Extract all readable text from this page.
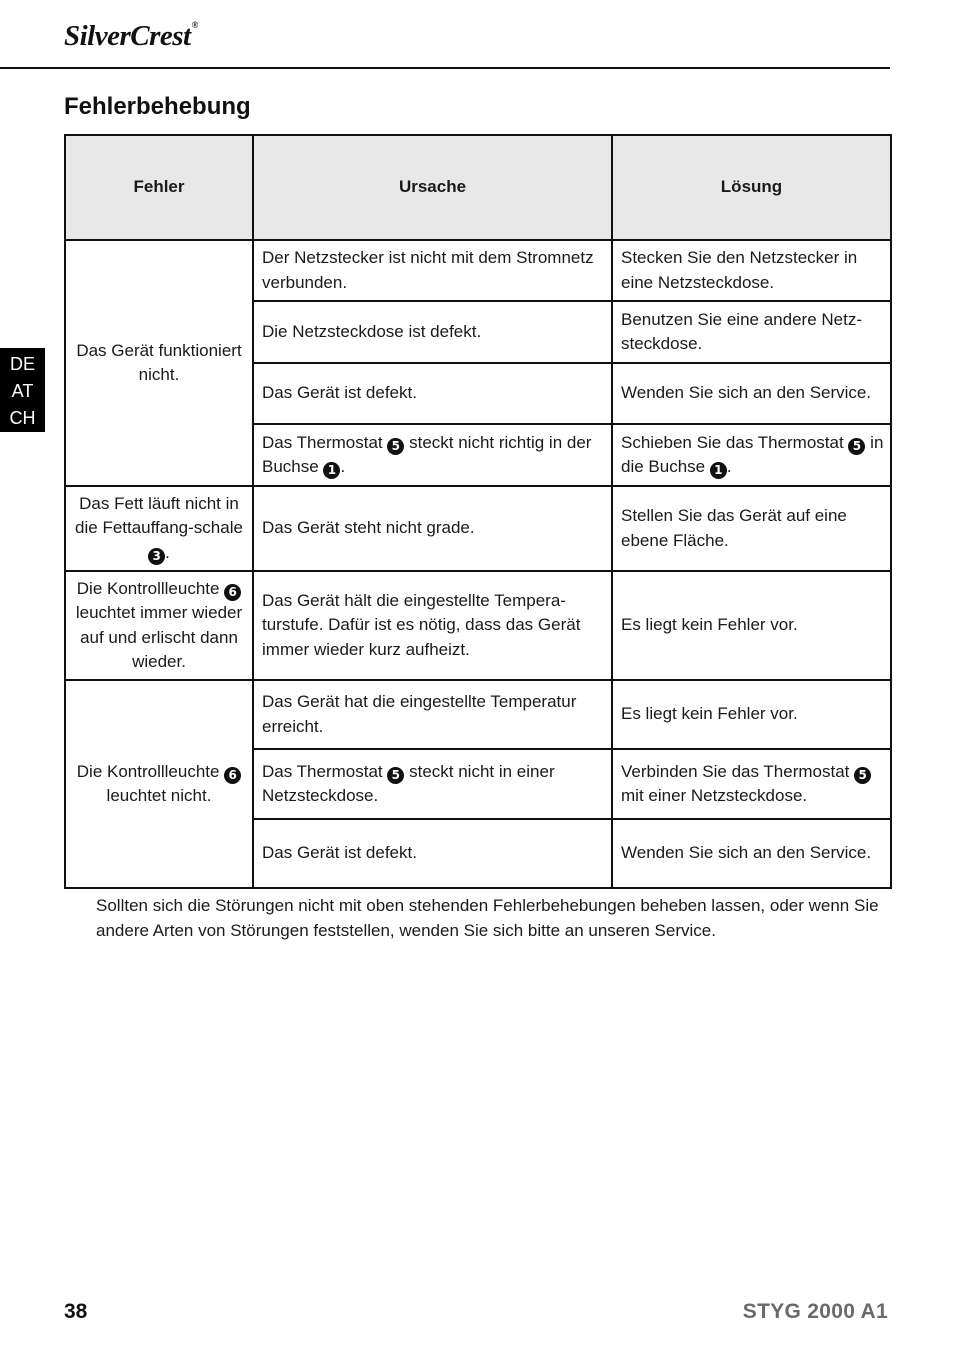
SilverCrest®
Fehlerbehebung
DE
AT
CH
Fehler	Ursache	Lösung
Das Gerät funktioniert nicht.	Der Netzstecker ist nicht mit dem Stromnetz verbunden.	Stecken Sie den Netzstecker in eine Netzsteckdose.
	Die Netzsteckdose ist defekt.	Benutzen Sie eine andere Netz-steckdose.
	Das Gerät ist defekt.	Wenden Sie sich an den Service.
	Das Thermostat 5 steckt nicht richtig in der Buchse 1 .	Schieben Sie das Thermostat 5 in die Buchse 1 .
Das Fett läuft nicht in die Fettauffang-schale 3 .	Das Gerät steht nicht grade.	Stellen Sie das Gerät auf eine ebene Fläche.
Die Kontrollleuchte 6 leuchtet immer wieder auf und erlischt dann wieder.	Das Gerät hält die eingestellte Tempera-turstufe. Dafür ist es nötig, dass das Gerät immer wieder kurz aufheizt.	Es liegt kein Fehler vor.
Die Kontrollleuchte 6 leuchtet nicht.	Das Gerät hat die eingestellte Temperatur erreicht.	Es liegt kein Fehler vor.
	Das Thermostat 5 steckt nicht in einer Netzsteckdose.	Verbinden Sie das Thermostat 5 mit einer Netzsteckdose.
	Das Gerät ist defekt.	Wenden Sie sich an den Service.

Sollten sich die Störungen nicht mit oben stehenden Fehlerbehebungen beheben lassen, oder wenn Sie andere Arten von Störungen feststellen, wenden Sie sich bitte an unseren Service.

38	STYG 2000 A1
